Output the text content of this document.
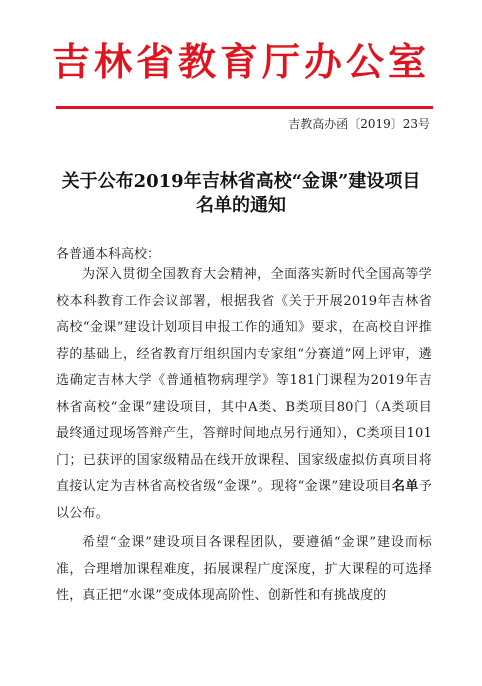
吉林省教育厅办公室
吉教高办函〔2019〕23号
关于公布2019年吉林省高校“金课”建设项目
名单的通知
各普通本科高校：
为深入贯彻全国教育大会精神，全面落实新时代全国高等学校本科教育工作会议部署，根据我省《关于开展2019年吉林省高校“金课”建设计划项目申报工作的通知》要求，在高校自评推荐的基础上，经省教育厅组织国内专家组“分赛道”网上评审，遴选确定吉林大学《普通植物病理学》等181门课程为2019年吉林省高校“金课”建设项目，其中A类、B类项目80门（A类项目最终通过现场答辩产生，答辩时间地点另行通知），C类项目101门；已获评的国家级精品在线开放课程、国家级虚拟仿真项目将直接认定为吉林省高校省级“金课”。现将“金课”建设项目名单予以公布。
希望“金课”建设项目各课程团队，要遵循“金课”建设而标准，合理增加课程难度，拓展课程广度深度，扩大课程的可选择性，真正把“水课”变成体现高阶性、创新性和有挑战度的
